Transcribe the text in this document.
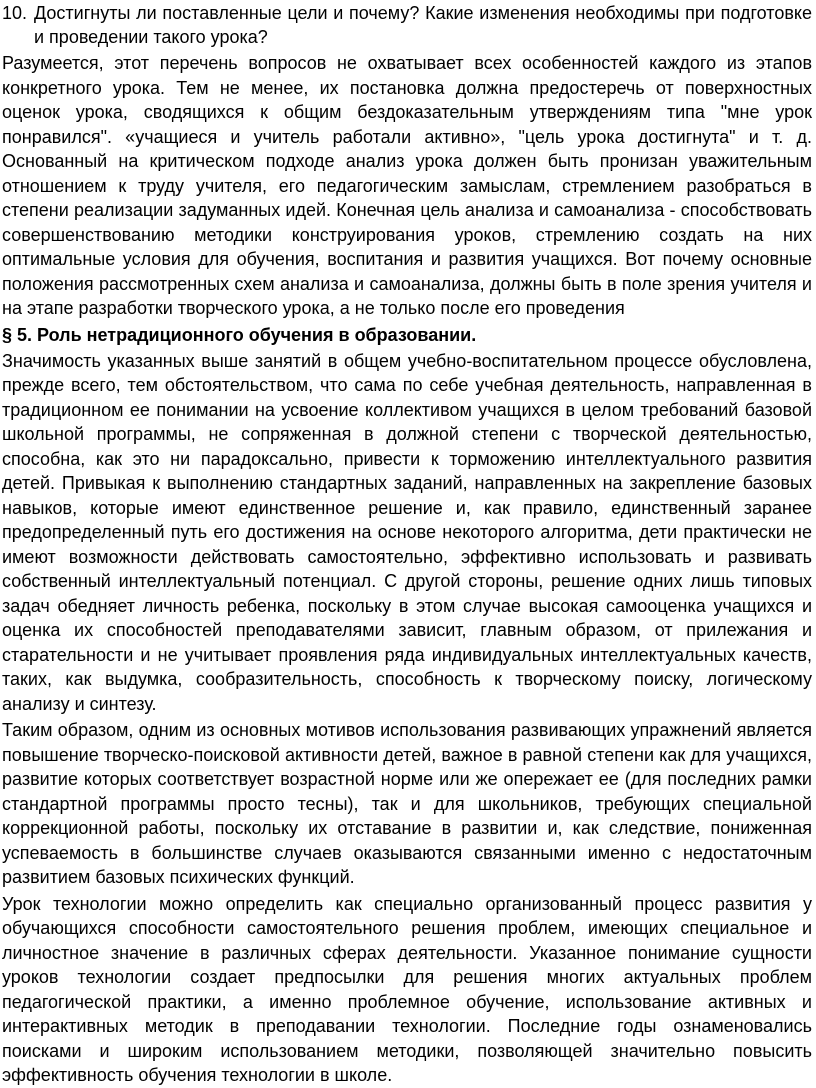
10. Достигнуты ли поставленные цели и почему? Какие изменения необходимы при подготовке и проведении такого урока?

Разумеется, этот перечень вопросов не охватывает всех особенностей каждого из этапов конкретного урока. Тем не менее, их постановка должна предостеречь от поверхностных оценок урока, сводящихся к общим бездоказательным утверждениям типа "мне урок понравился". «учащиеся и учитель работали активно», "цель урока достигнута" и т. д. Основанный на критическом подходе анализ урока должен быть пронизан уважительным отношением к труду учителя, его педагогическим замыслам, стремлением разобраться в степени реализации задуманных идей. Конечная цель анализа и самоанализа - способствовать совершенствованию методики конструирования уроков, стремлению создать на них оптимальные условия для обучения, воспитания и развития учащихся. Вот почему основные положения рассмотренных схем анализа и самоанализа, должны быть в поле зрения учителя и на этапе разработки творческого урока, а не только после его проведения

§ 5. Роль нетрадиционного обучения в образовании.

Значимость указанных выше занятий в общем учебно-воспитательном процессе обусловлена, прежде всего, тем обстоятельством, что сама по себе учебная деятельность, направленная в традиционном ее понимании на усвоение коллективом учащихся в целом требований базовой школьной программы, не сопряженная в должной степени с творческой деятельностью, способна, как это ни парадоксально, привести к торможению интеллектуального развития детей. Привыкая к выполнению стандартных заданий, направленных на закрепление базовых навыков, которые имеют единственное решение и, как правило, единственный заранее предопределенный путь его достижения на основе некоторого алгоритма, дети практически не имеют возможности действовать самостоятельно, эффективно использовать и развивать собственный интеллектуальный потенциал. С другой стороны, решение одних лишь типовых задач обедняет личность ребенка, поскольку в этом случае высокая самооценка учащихся и оценка их способностей преподавателями зависит, главным образом, от прилежания и старательности и не учитывает проявления ряда индивидуальных интеллектуальных качеств, таких, как выдумка, сообразительность, способность к творческому поиску, логическому анализу и синтезу.

Таким образом, одним из основных мотивов использования развивающих упражнений является повышение творческо-поисковой активности детей, важное в равной степени как для учащихся, развитие которых соответствует возрастной норме или же опережает ее (для последних рамки стандартной программы просто тесны), так и для школьников, требующих специальной коррекционной работы, поскольку их отставание в развитии и, как следствие, пониженная успеваемость в большинстве случаев оказываются связанными именно с недостаточным развитием базовых психических функций.

Урок технологии можно определить как специально организованный процесс развития у обучающихся способности самостоятельного решения проблем, имеющих специальное и личностное значение в различных сферах деятельности. Указанное понимание сущности уроков технологии создает предпосылки для решения многих актуальных проблем педагогической практики, а именно проблемное обучение, использование активных и интерактивных методик в преподавании технологии. Последние годы ознаменовались поисками и широким использованием методики, позволяющей значительно повысить эффективность обучения технологии в школе.
